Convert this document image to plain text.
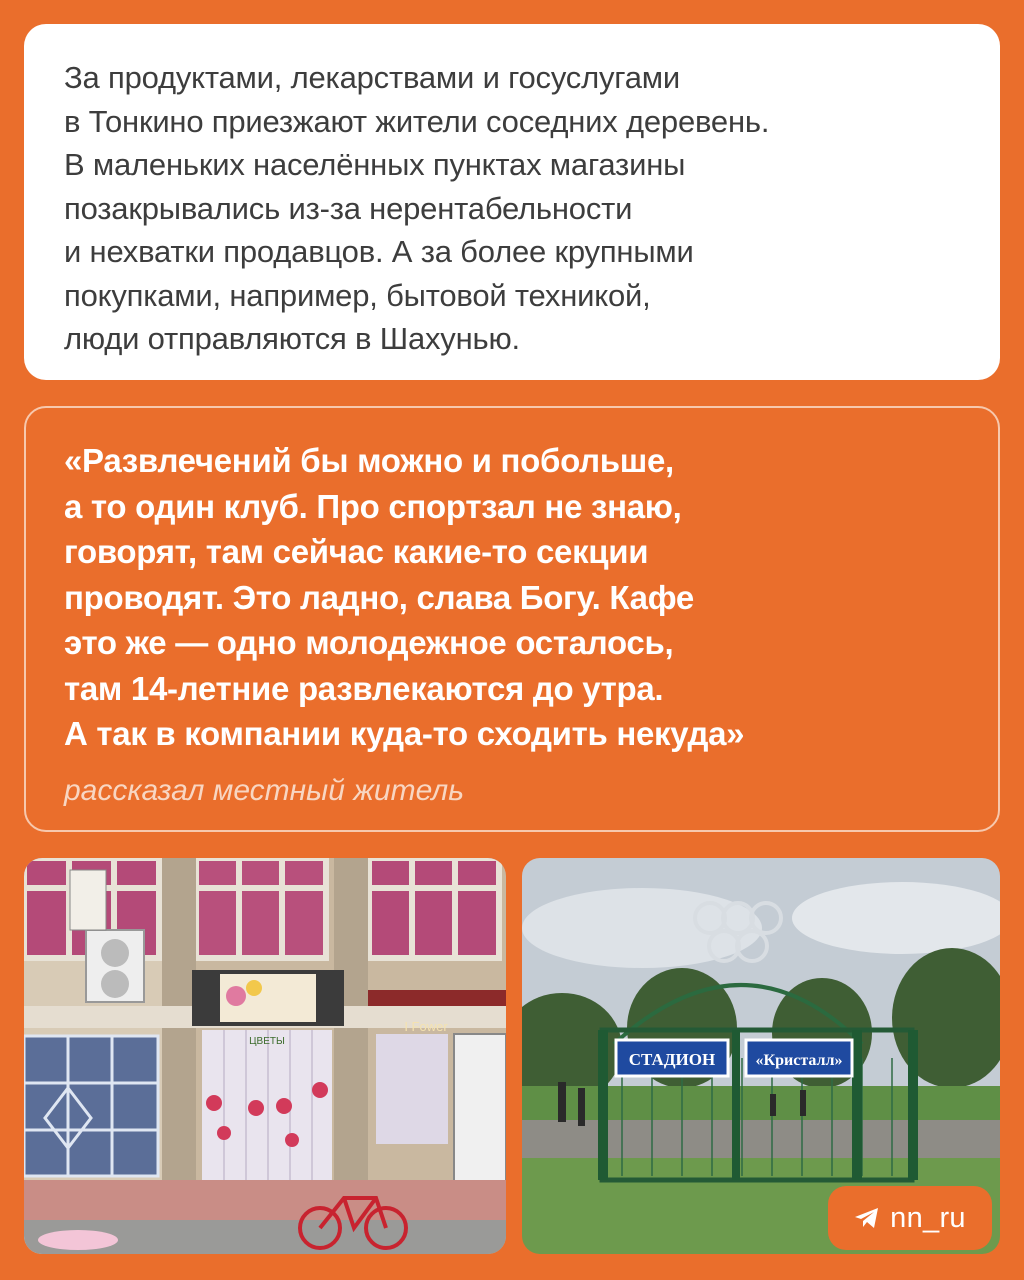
За продуктами, лекарствами и госуслугами
в Тонкино приезжают жители соседних деревень.
В маленьких населённых пунктах магазины
позакрывались из-за нерентабельности
и нехватки продавцов. А за более крупными
покупками, например, бытовой техникой,
люди отправляются в Шахунью.
«Развлечений бы можно и побольше,
а то один клуб. Про спортзал не знаю,
говорят, там сейчас какие-то секции
проводят. Это ладно, слава Богу. Кафе
это же — одно молодежное осталось,
там 14-летние развлекаются до утра.
А так в компании куда-то сходить некуда»
рассказал местный житель
I Fower
ЦВЕТЫ
СТАДИОН	«Кристалл»
nn_ru
